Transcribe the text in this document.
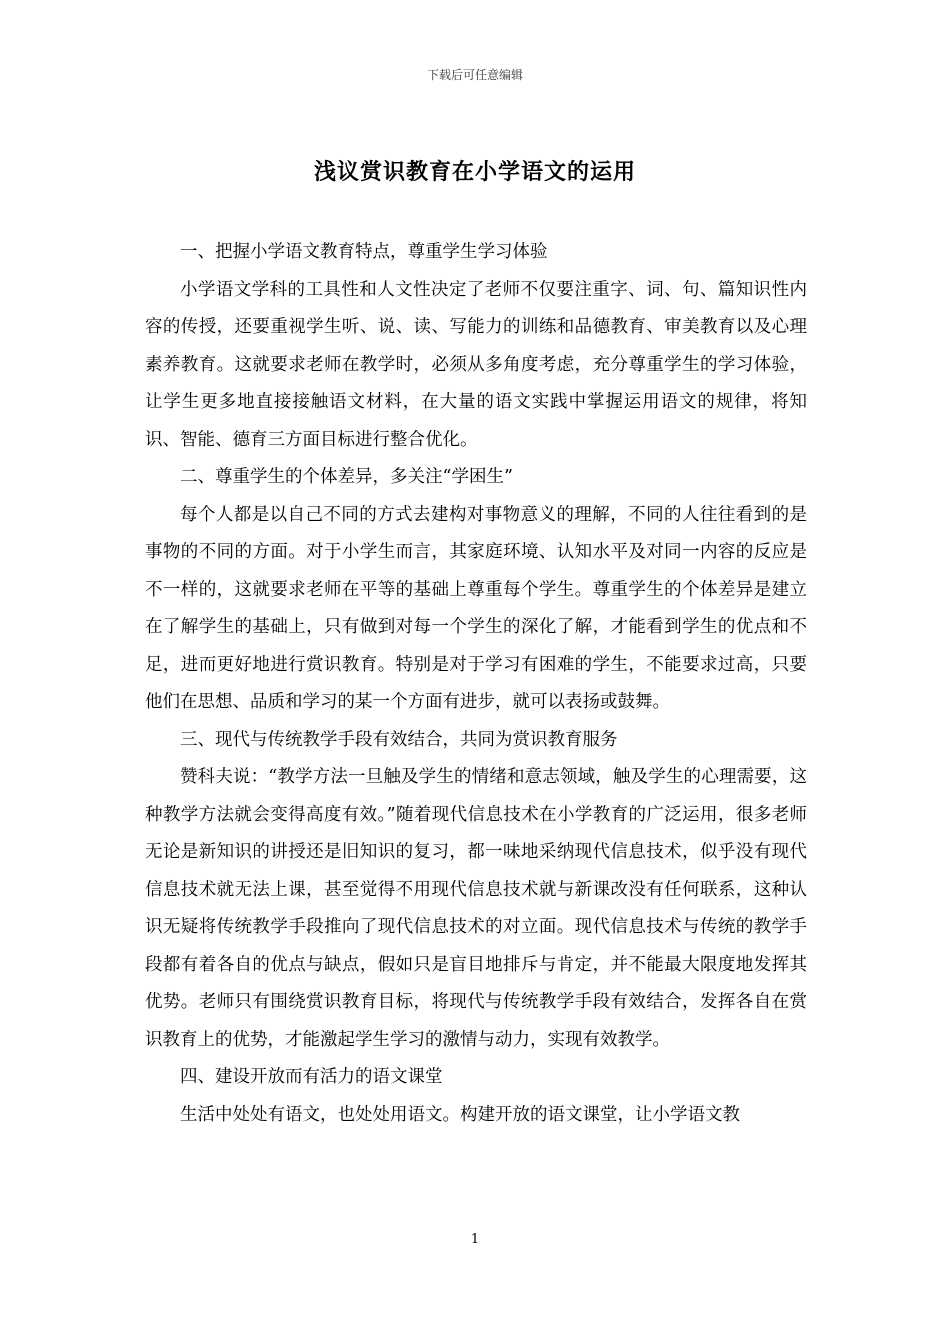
下载后可任意编辑
浅议赏识教育在小学语文的运用

一、把握小学语文教育特点，尊重学生学习体验

小学语文学科的工具性和人文性决定了老师不仅要注重字、词、句、篇知识性内容的传授，还要重视学生听、说、读、写能力的训练和品德教育、审美教育以及心理素养教育。这就要求老师在教学时，必须从多角度考虑，充分尊重学生的学习体验，让学生更多地直接接触语文材料，在大量的语文实践中掌握运用语文的规律，将知识、智能、德育三方面目标进行整合优化。

二、尊重学生的个体差异，多关注“学困生”

每个人都是以自己不同的方式去建构对事物意义的理解，不同的人往往看到的是事物的不同的方面。对于小学生而言，其家庭环境、认知水平及对同一内容的反应是不一样的，这就要求老师在平等的基础上尊重每个学生。尊重学生的个体差异是建立在了解学生的基础上，只有做到对每一个学生的深化了解，才能看到学生的优点和不足，进而更好地进行赏识教育。特别是对于学习有困难的学生，不能要求过高，只要他们在思想、品质和学习的某一个方面有进步，就可以表扬或鼓舞。

三、现代与传统教学手段有效结合，共同为赏识教育服务

赞科夫说：“教学方法一旦触及学生的情绪和意志领域，触及学生的心理需要，这种教学方法就会变得高度有效。”随着现代信息技术在小学教育的广泛运用，很多老师无论是新知识的讲授还是旧知识的复习，都一味地采纳现代信息技术，似乎没有现代信息技术就无法上课，甚至觉得不用现代信息技术就与新课改没有任何联系，这种认识无疑将传统教学手段推向了现代信息技术的对立面。现代信息技术与传统的教学手段都有着各自的优点与缺点，假如只是盲目地排斥与肯定，并不能最大限度地发挥其优势。老师只有围绕赏识教育目标，将现代与传统教学手段有效结合，发挥各自在赏识教育上的优势，才能激起学生学习的激情与动力，实现有效教学。

四、建设开放而有活力的语文课堂

生活中处处有语文，也处处用语文。构建开放的语文课堂，让小学语文教

1
